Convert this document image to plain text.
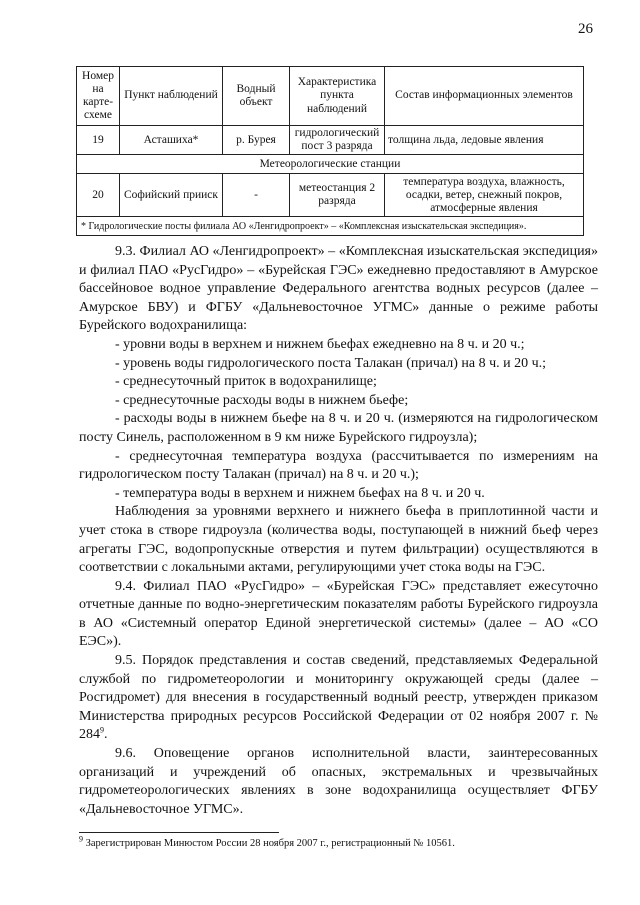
26
Номер на карте-схеме	Пункт наблюдений	Водный объект	Характеристика пункта наблюдений	Состав информационных элементов
19	Асташиха*	р. Бурея	гидрологический пост 3 разряда	толщина льда, ледовые явления
Метеорологические станции				
20	Софийский прииск	-	метеостанция 2 разряда	температура воздуха, влажность, осадки, ветер, снежный покров, атмосферные явления
* Гидрологические посты филиала АО «Ленгидропроект» – «Комплексная изыскательская экспедиция».				

9.3. Филиал АО «Ленгидропроект» – «Комплексная изыскательская экспедиция» и филиал ПАО «РусГидро» – «Бурейская ГЭС» ежедневно предоставляют в Амурское бассейновое водное управление Федерального агентства водных ресурсов (далее – Амурское БВУ) и ФГБУ «Дальневосточное УГМС» данные о режиме работы Бурейского водохранилища:

- уровни воды в верхнем и нижнем бьефах ежедневно на 8 ч. и 20 ч.;

- уровень воды гидрологического поста Талакан (причал) на 8 ч. и 20 ч.;

- среднесуточный приток в водохранилище;

- среднесуточные расходы воды в нижнем бьефе;

- расходы воды в нижнем бьефе на 8 ч. и 20 ч. (измеряются на гидрологическом посту Синель, расположенном в 9 км ниже Бурейского гидроузла);

- среднесуточная температура воздуха (рассчитывается по измерениям на гидрологическом посту Талакан (причал) на 8 ч. и 20 ч.);

- температура воды в верхнем и нижнем бьефах на 8 ч. и 20 ч.

Наблюдения за уровнями верхнего и нижнего бьефа в приплотинной части и учет стока в створе гидроузла (количества воды, поступающей в нижний бьеф через агрегаты ГЭС, водопропускные отверстия и путем фильтрации) осуществляются в соответствии с локальными актами, регулирующими учет стока воды на ГЭС.

9.4. Филиал ПАО «РусГидро» – «Бурейская ГЭС» представляет ежесуточно отчетные данные по водно-энергетическим показателям работы Бурейского гидроузла в АО «Системный оператор Единой энергетической системы» (далее – АО «СО ЕЭС»).

9.5. Порядок представления и состав сведений, представляемых Федеральной службой по гидрометеорологии и мониторингу окружающей среды (далее – Росгидромет) для внесения в государственный водный реестр, утвержден приказом Министерства природных ресурсов Российской Федерации от 02 ноября 2007 г. № $284^9$.

9.6. Оповещение органов исполнительной власти, заинтересованных организаций и учреждений об опасных, экстремальных и чрезвычайных гидрометеорологических явлениях в зоне водохранилища осуществляет ФГБУ «Дальневосточное УГМС».

$^9$ Зарегистрирован Минюстом России 28 ноября 2007 г., регистрационный № 10561.
